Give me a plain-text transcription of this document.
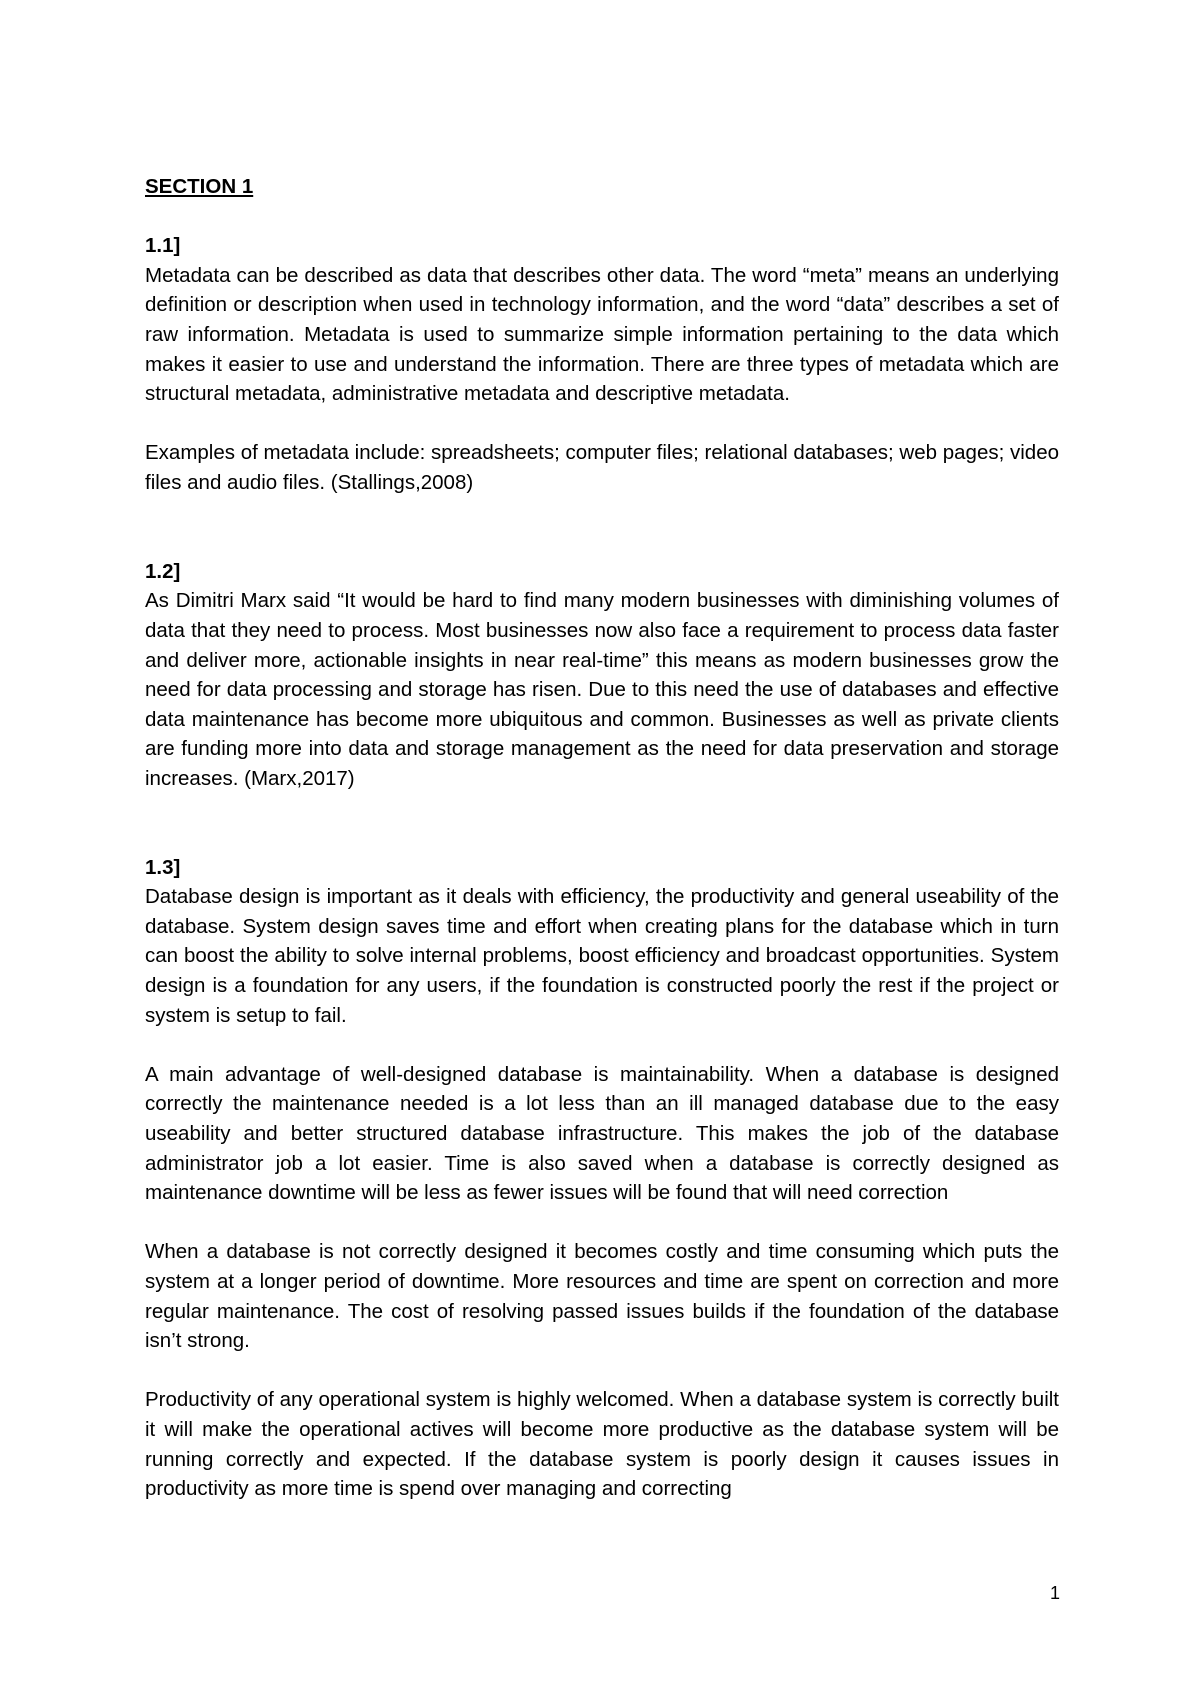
SECTION 1
1.1]

Metadata can be described as data that describes other data. The word “meta” means an underlying definition or description when used in technology information, and the word “data” describes a set of raw information. Metadata is used to summarize simple information pertaining to the data which makes it easier to use and understand the information. There are three types of metadata which are structural metadata, administrative metadata and descriptive metadata.

Examples of metadata include: spreadsheets; computer files; relational databases; web pages; video files and audio files. (Stallings,2008)

1.2]

As Dimitri Marx said “It would be hard to find many modern businesses with diminishing volumes of data that they need to process. Most businesses now also face a requirement to process data faster and deliver more, actionable insights in near real-time” this means as modern businesses grow the need for data processing and storage has risen. Due to this need the use of databases and effective data maintenance has become more ubiquitous and common. Businesses as well as private clients are funding more into data and storage management as the need for data preservation and storage increases. (Marx,2017)

1.3]

Database design is important as it deals with efficiency, the productivity and general useability of the database. System design saves time and effort when creating plans for the database which in turn can boost the ability to solve internal problems, boost efficiency and broadcast opportunities. System design is a foundation for any users, if the foundation is constructed poorly the rest if the project or system is setup to fail.

A main advantage of well-designed database is maintainability. When a database is designed correctly the maintenance needed is a lot less than an ill managed database due to the easy useability and better structured database infrastructure. This makes the job of the database administrator job a lot easier. Time is also saved when a database is correctly designed as maintenance downtime will be less as fewer issues will be found that will need correction

When a database is not correctly designed it becomes costly and time consuming which puts the system at a longer period of downtime. More resources and time are spent on correction and more regular maintenance. The cost of resolving passed issues builds if the foundation of the database isn’t strong.

Productivity of any operational system is highly welcomed. When a database system is correctly built it will make the operational actives will become more productive as the database system will be running correctly and expected. If the database system is poorly design it causes issues in productivity as more time is spend over managing and correcting

1
